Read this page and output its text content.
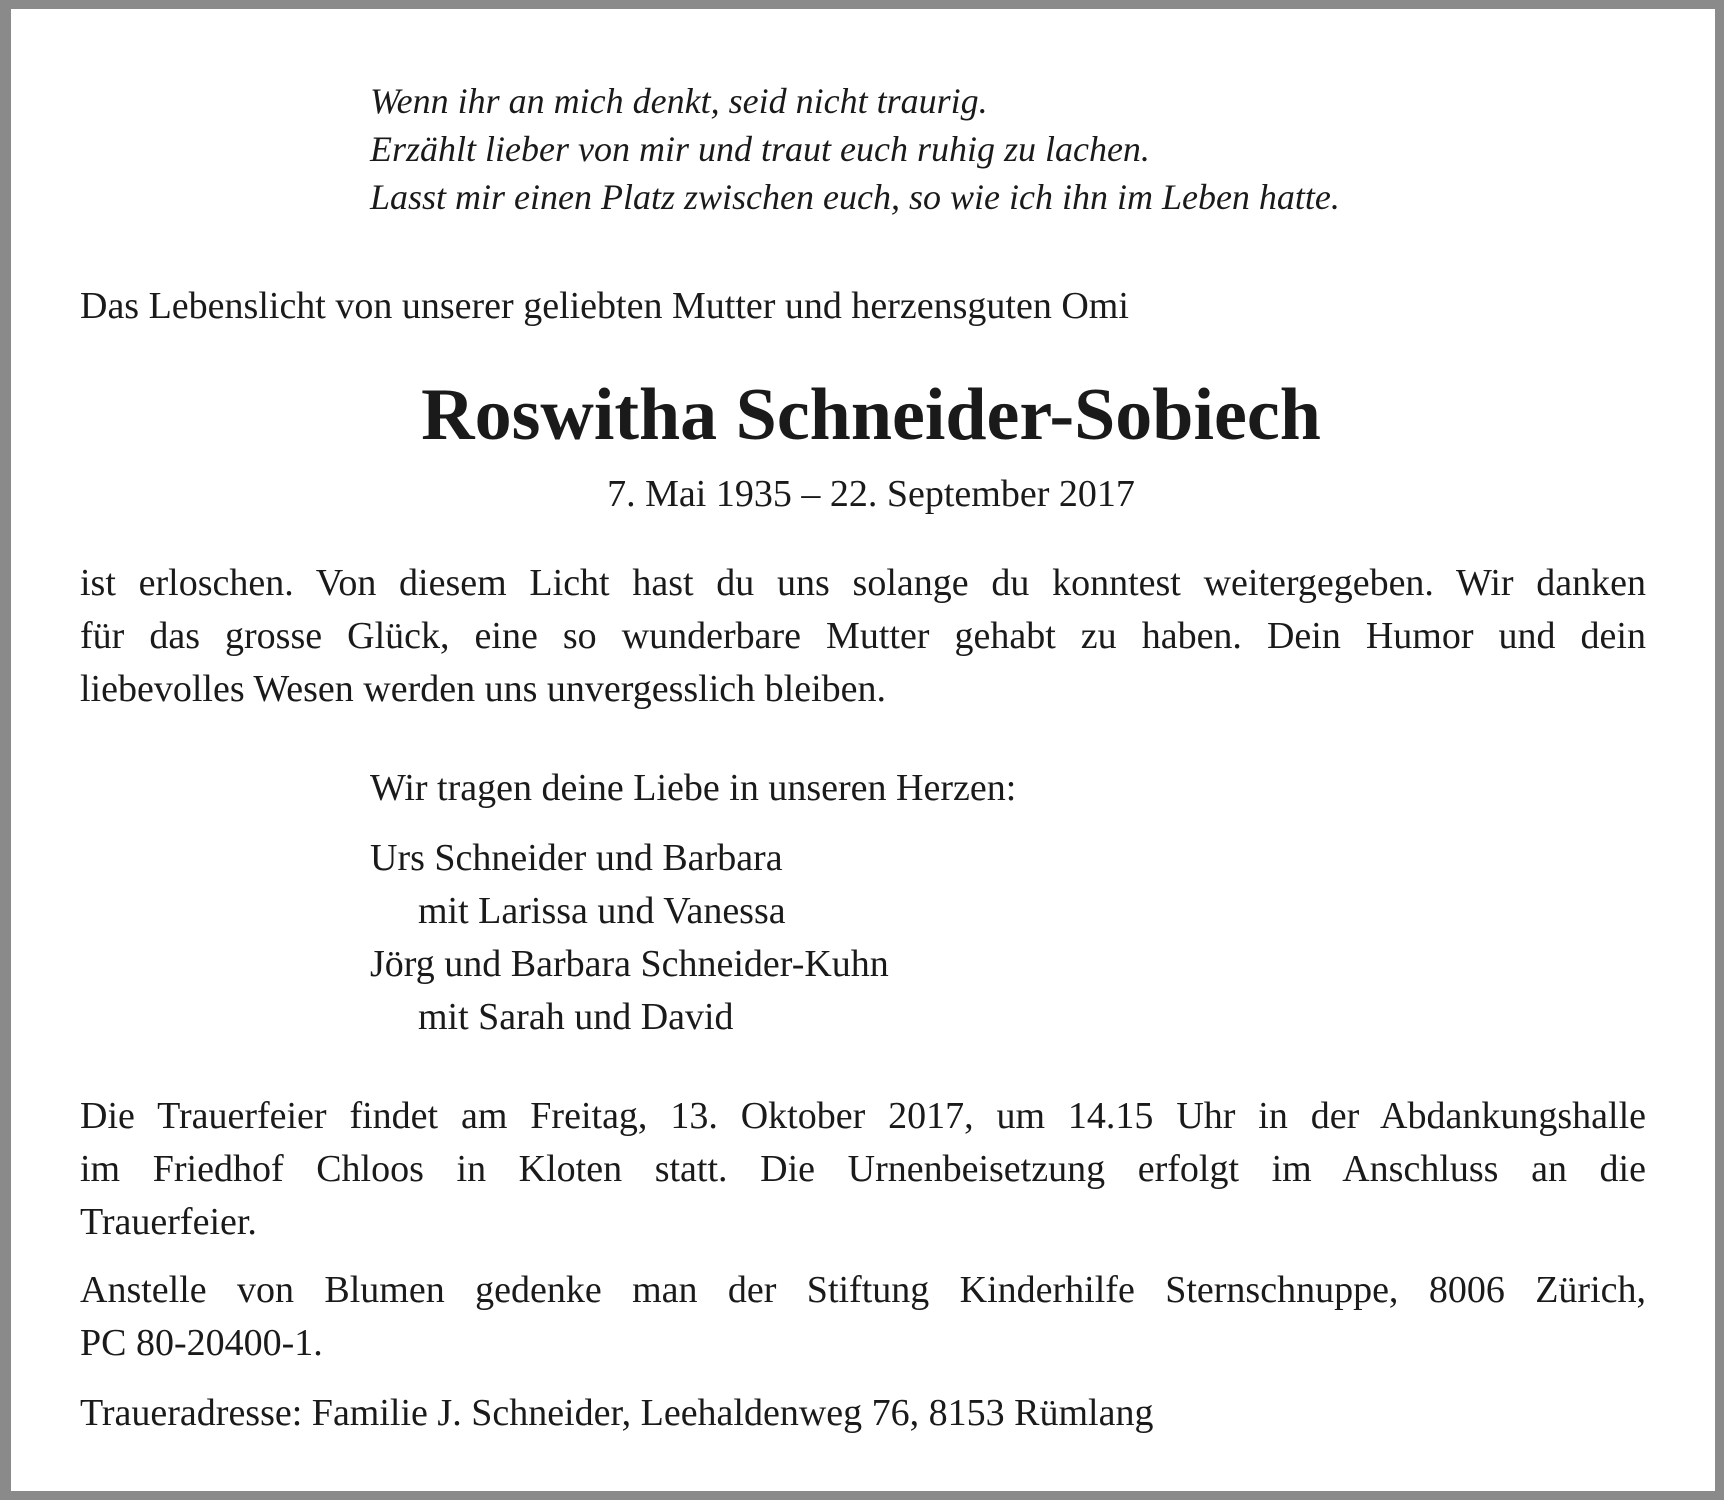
Wenn ihr an mich denkt, seid nicht traurig.
Erzählt lieber von mir und traut euch ruhig zu lachen.
Lasst mir einen Platz zwischen euch, so wie ich ihn im Leben hatte.
Das Lebenslicht von unserer geliebten Mutter und herzensguten Omi
Roswitha Schneider-Sobiech
7. Mai 1935 – 22. September 2017
ist erloschen. Von diesem Licht hast du uns solange du konntest weitergegeben. Wir danken
für das grosse Glück, eine so wunderbare Mutter gehabt zu haben. Dein Humor und dein
liebevolles Wesen werden uns unvergesslich bleiben.
Wir tragen deine Liebe in unseren Herzen:
Urs Schneider und Barbara
mit Larissa und Vanessa
Jörg und Barbara Schneider-Kuhn
mit Sarah und David
Die Trauerfeier findet am Freitag, 13. Oktober 2017, um 14.15 Uhr in der Abdankungshalle
im Friedhof Chloos in Kloten statt. Die Urnenbeisetzung erfolgt im Anschluss an die
Trauerfeier.
Anstelle von Blumen gedenke man der Stiftung Kinderhilfe Sternschnuppe, 8006 Zürich,
PC 80-20400-1.
Traueradresse: Familie J. Schneider, Leehaldenweg 76, 8153 Rümlang
